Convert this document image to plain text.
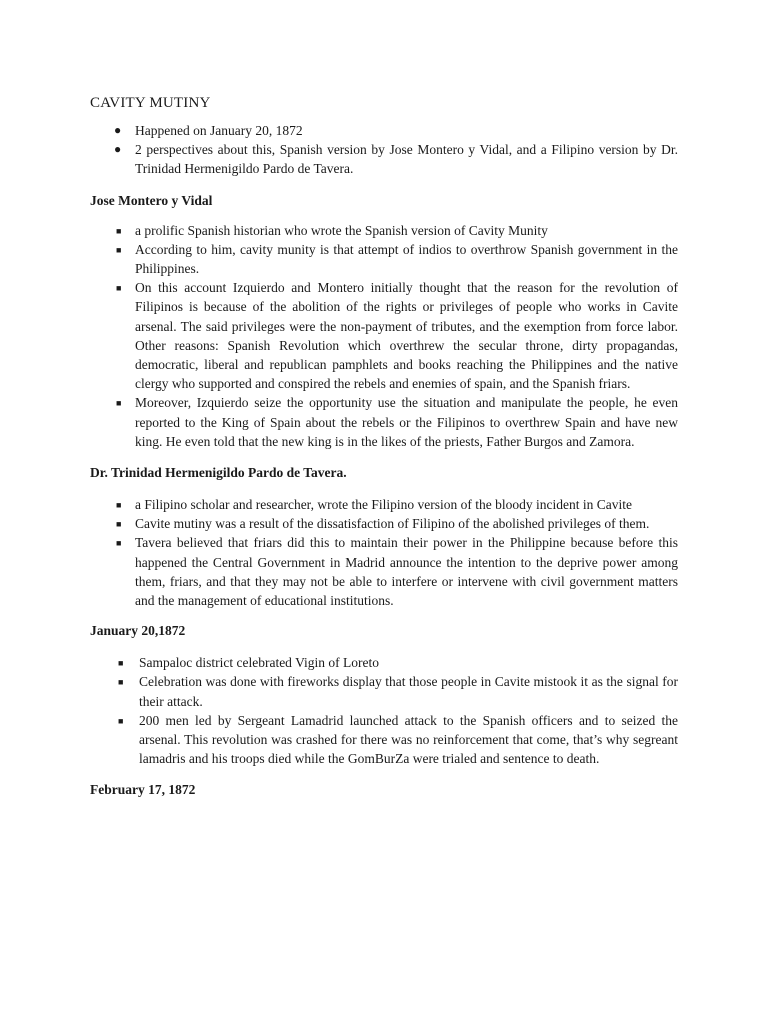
CAVITY MUTINY
●	Happened on January 20, 1872
●	2 perspectives about this, Spanish version by Jose Montero y Vidal, and a Filipino version by Dr. Trinidad Hermenigildo Pardo de Tavera.
Jose Montero y Vidal
■	a prolific Spanish historian who wrote the Spanish version of Cavity Munity
■	According to him, cavity munity is that attempt of indios to overthrow Spanish government in the Philippines.
■	On this account Izquierdo and Montero initially thought that the reason for the revolution of Filipinos is because of the abolition of the rights or privileges of people who works in Cavite arsenal. The said privileges were the non-payment of tributes, and the exemption from force labor. Other reasons: Spanish Revolution which overthrew the secular throne, dirty propagandas, democratic, liberal and republican pamphlets and books reaching the Philippines and the native clergy who supported and conspired the rebels and enemies of spain, and the Spanish friars.
■	Moreover, Izquierdo seize the opportunity use the situation and manipulate the people, he even reported to the King of Spain about the rebels or the Filipinos to overthrew Spain and have new king. He even told that the new king is in the likes of the priests, Father Burgos and Zamora.
Dr. Trinidad Hermenigildo Pardo de Tavera.
■	a Filipino scholar and researcher, wrote the Filipino version of the bloody incident in Cavite
■	Cavite mutiny was a result of the dissatisfaction of Filipino of the abolished privileges of them.
■	Tavera believed that friars did this to maintain their power in the Philippine because before this happened the Central Government in Madrid announce the intention to the deprive power among them, friars, and that they may not be able to interfere or intervene with civil government matters and the management of educational institutions.
January 20,1872
■	Sampaloc district celebrated Vigin of Loreto
■	Celebration was done with fireworks display that those people in Cavite mistook it as the signal for their attack.
■	200 men led by Sergeant Lamadrid launched attack to the Spanish officers and to seized the arsenal. This revolution was crashed for there was no reinforcement that come, that’s why segreant lamadris and his troops died while the GomBurZa were trialed and sentence to death.
February 17, 1872
